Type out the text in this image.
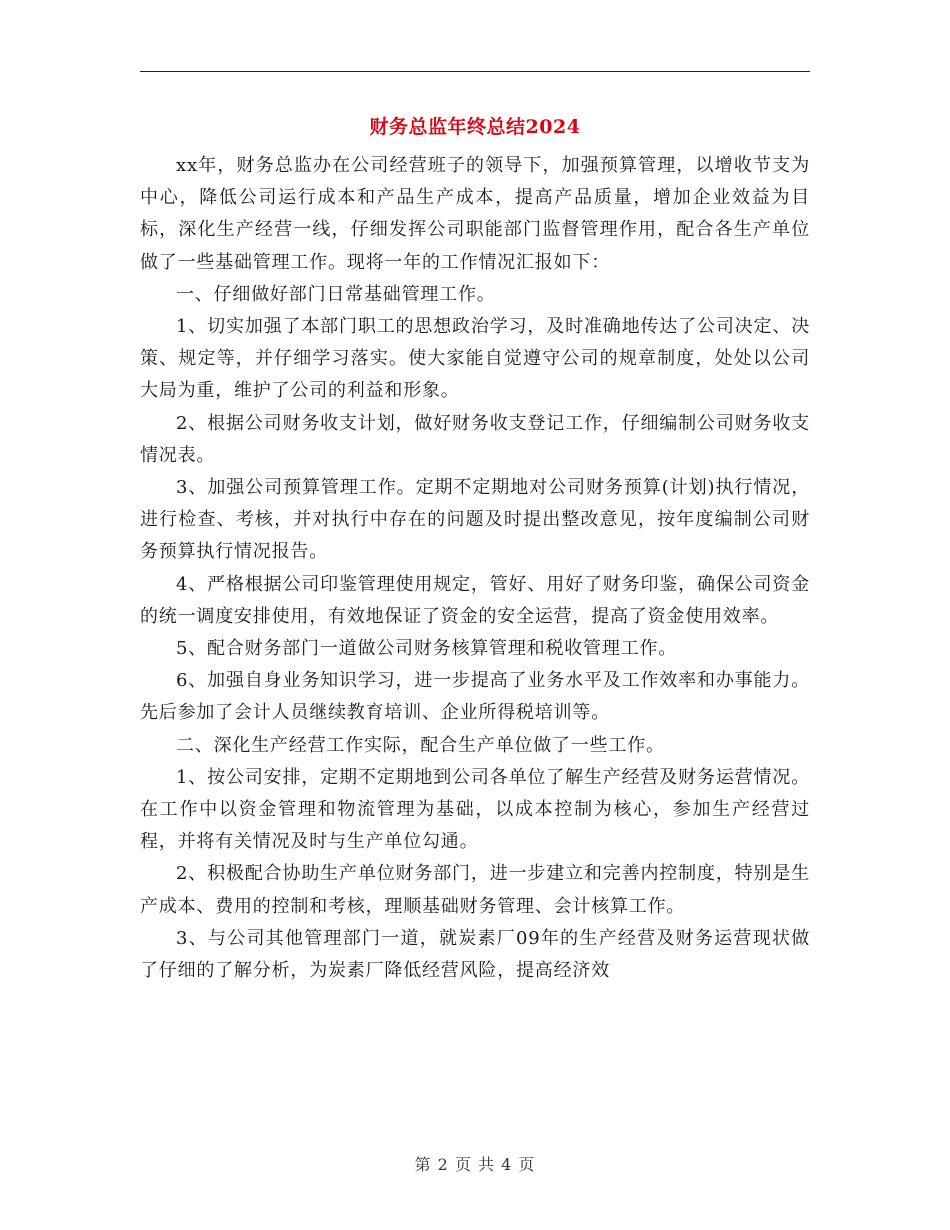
财务总监年终总结2024

xx年，财务总监办在公司经营班子的领导下，加强预算管理，以增收节支为中心，降低公司运行成本和产品生产成本，提高产品质量，增加企业效益为目标，深化生产经营一线，仔细发挥公司职能部门监督管理作用，配合各生产单位做了一些基础管理工作。现将一年的工作情况汇报如下：

一、仔细做好部门日常基础管理工作。

1、切实加强了本部门职工的思想政治学习，及时准确地传达了公司决定、决策、规定等，并仔细学习落实。使大家能自觉遵守公司的规章制度，处处以公司大局为重，维护了公司的利益和形象。

2、根据公司财务收支计划，做好财务收支登记工作，仔细编制公司财务收支情况表。

3、加强公司预算管理工作。定期不定期地对公司财务预算(计划)执行情况，进行检查、考核，并对执行中存在的问题及时提出整改意见，按年度编制公司财务预算执行情况报告。

4、严格根据公司印鉴管理使用规定，管好、用好了财务印鉴，确保公司资金的统一调度安排使用，有效地保证了资金的安全运营，提高了资金使用效率。

5、配合财务部门一道做公司财务核算管理和税收管理工作。

6、加强自身业务知识学习，进一步提高了业务水平及工作效率和办事能力。先后参加了会计人员继续教育培训、企业所得税培训等。

二、深化生产经营工作实际，配合生产单位做了一些工作。

1、按公司安排，定期不定期地到公司各单位了解生产经营及财务运营情况。在工作中以资金管理和物流管理为基础，以成本控制为核心，参加生产经营过程，并将有关情况及时与生产单位勾通。

2、积极配合协助生产单位财务部门，进一步建立和完善内控制度，特别是生产成本、费用的控制和考核，理顺基础财务管理、会计核算工作。

3、与公司其他管理部门一道，就炭素厂09年的生产经营及财务运营现状做了仔细的了解分析，为炭素厂降低经营风险，提高经济效

第 2 页 共 4 页
